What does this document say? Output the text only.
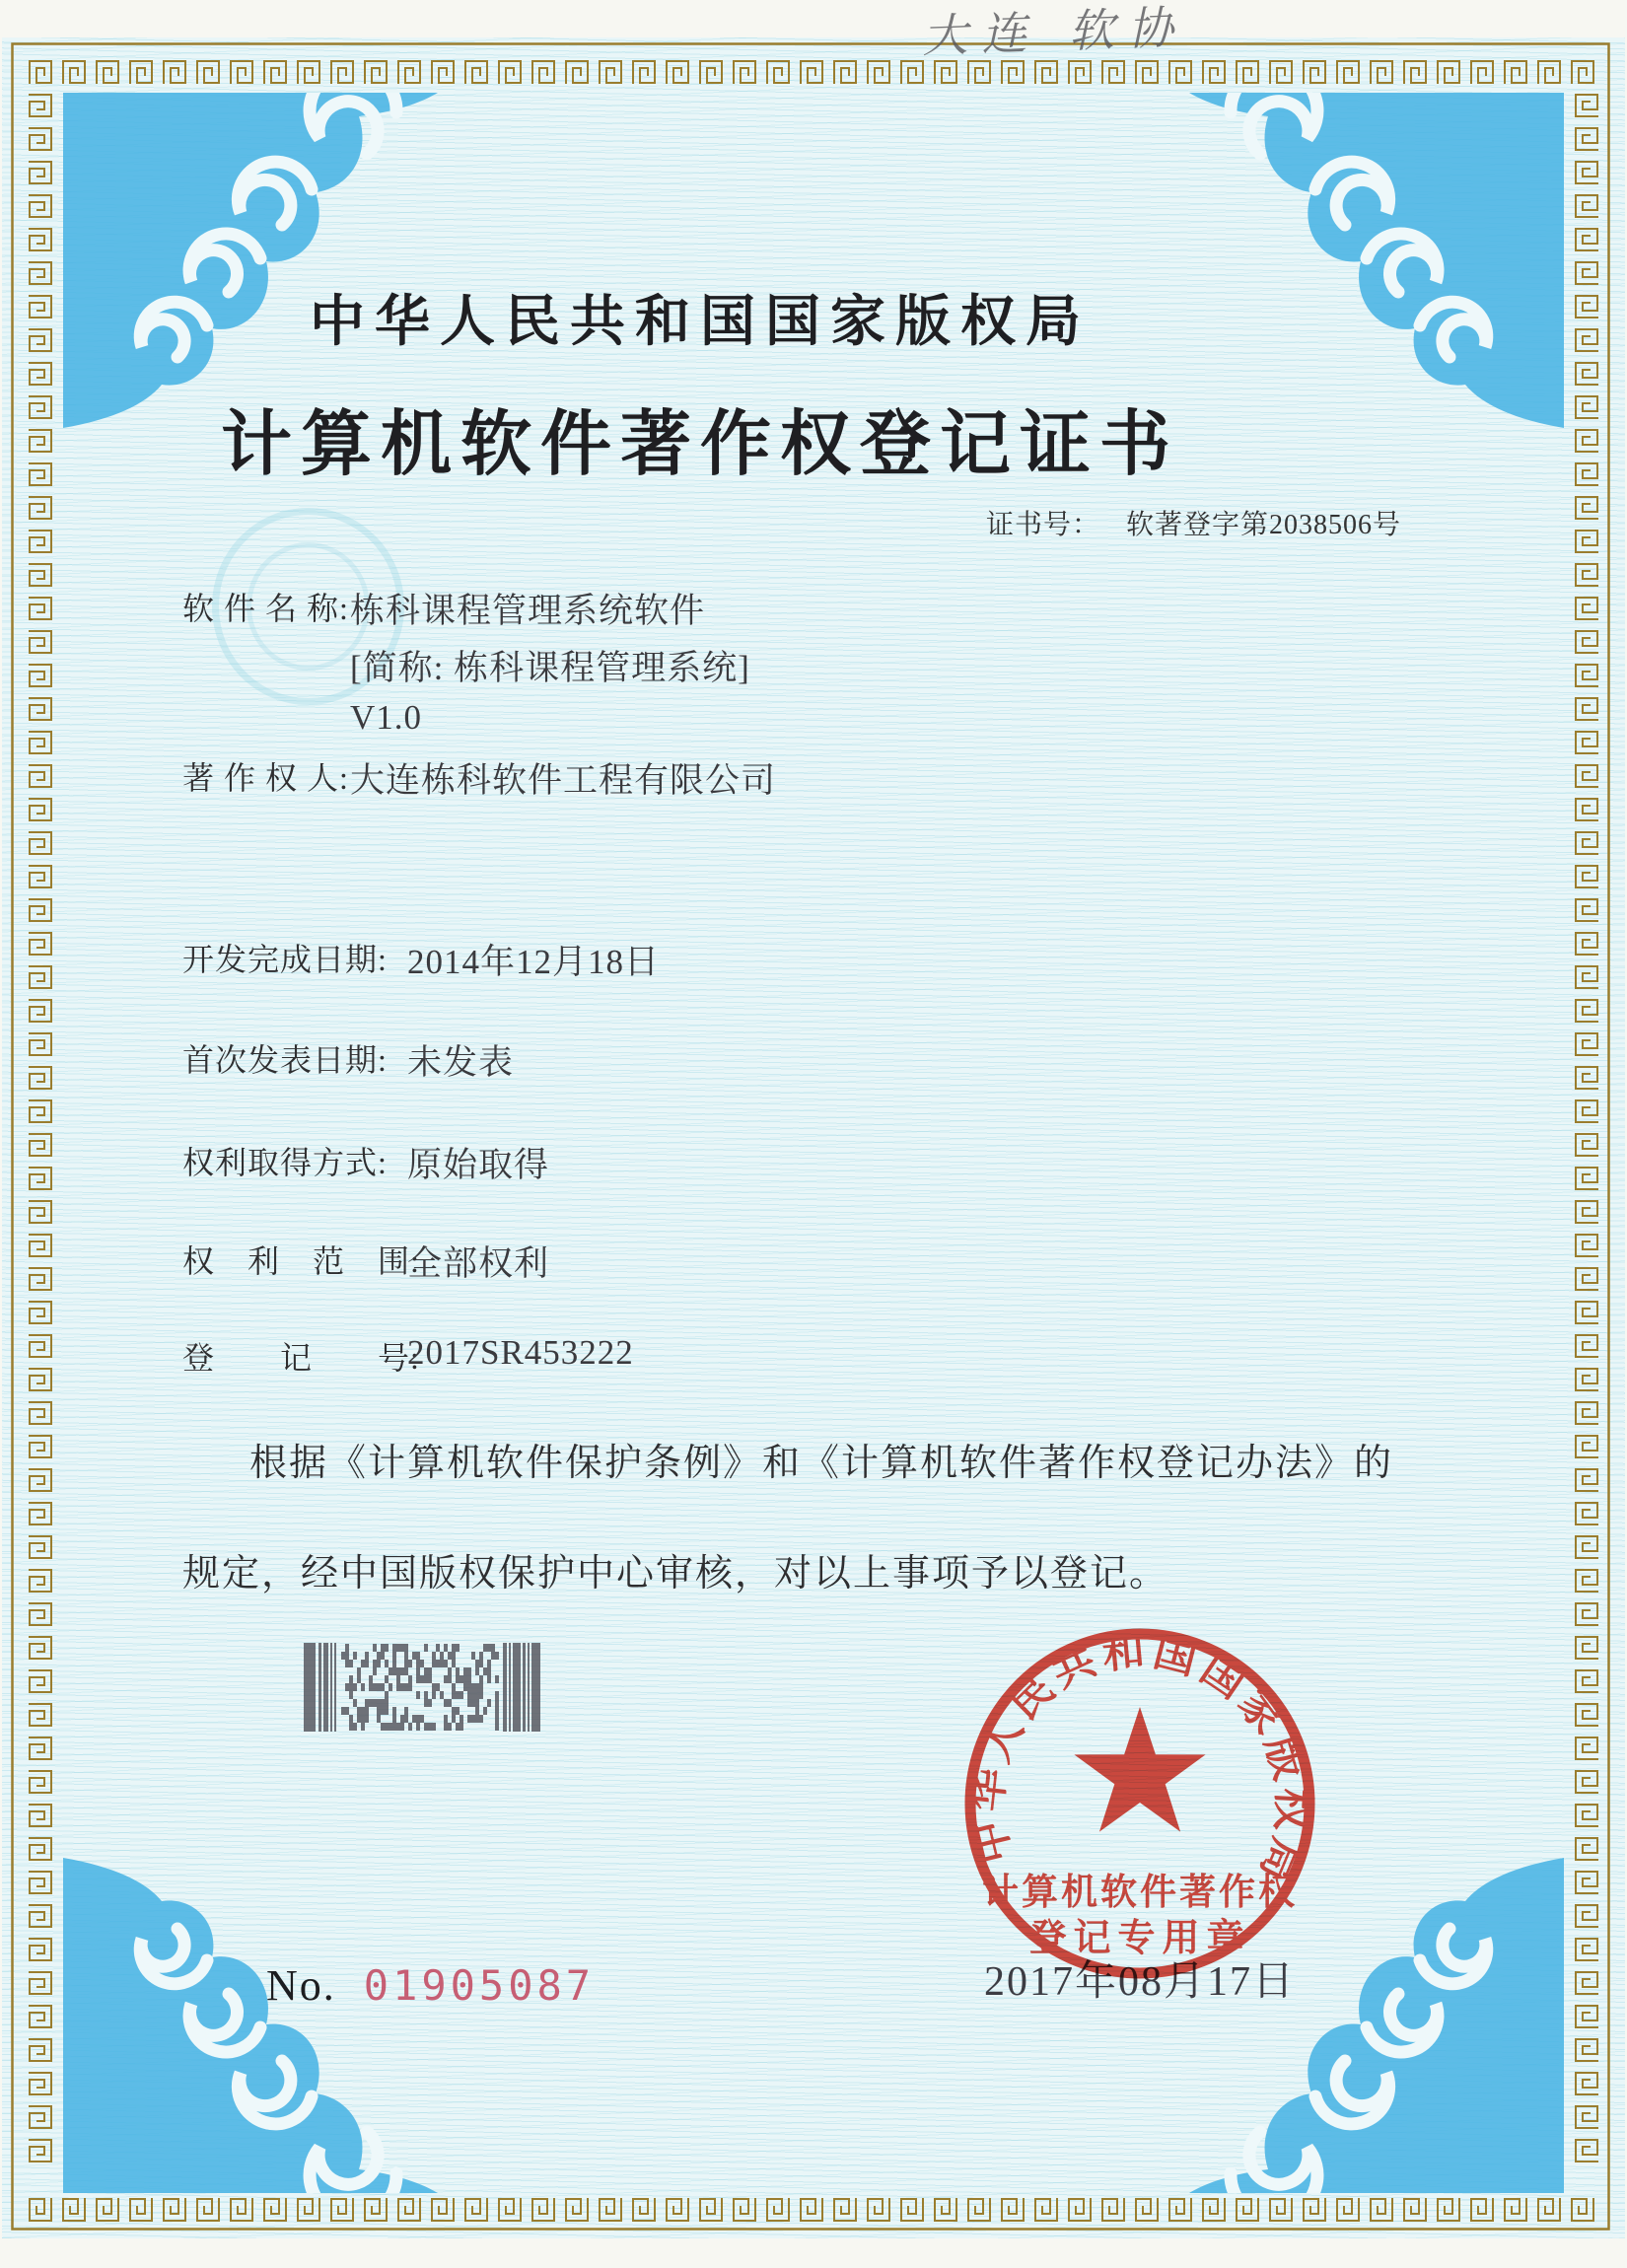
大连 软协
中华人民共和国国家版权局
计算机软件著作权登记证书
证书号： 软著登字第2038506号
软 件 名 称: 栋科课程管理系统软件
[简称: 栋科课程管理系统]
V1.0
著 作 权 人: 大连栋科软件工程有限公司
开发完成日期: 2014年12月18日
首次发表日期: 未发表
权利取得方式: 原始取得
权　利　范　围:
全部权利
登　　记　　号:
2017SR453222
根据《计算机软件保护条例》和《计算机软件著作权登记办法》的
规定，经中国版权保护中心审核，对以上事项予以登记。
2017年08月17日
中华人民共和国国家版权局
计算机软件著作权
登记专用章
No. 01905087
